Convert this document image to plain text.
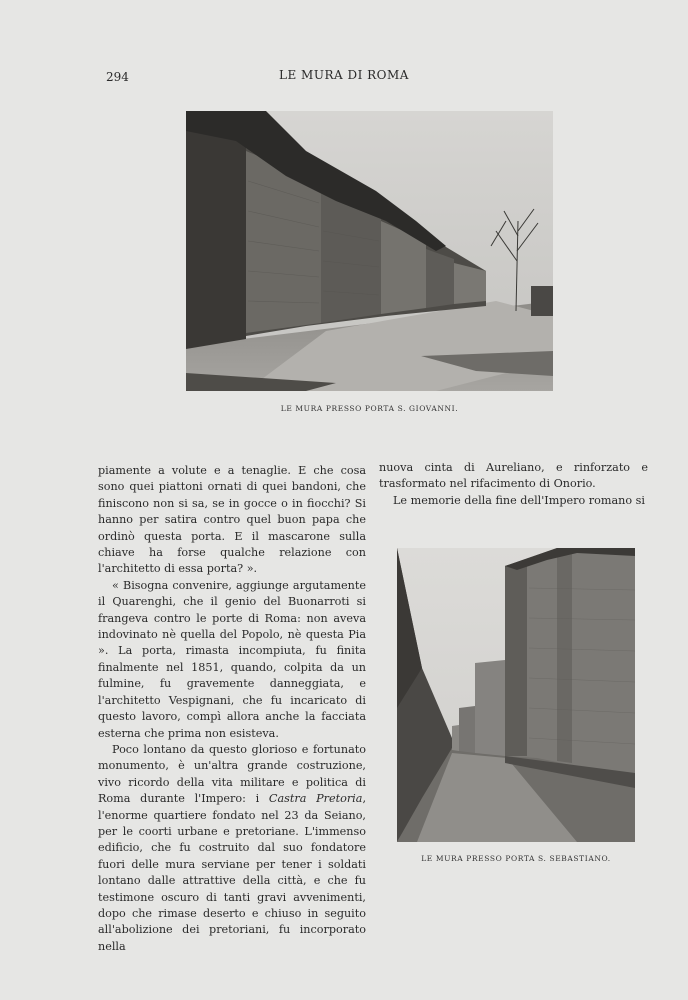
294	LE MURA DI ROMA
LE MURA PRESSO PORTA S. GIOVANNI.

piamente a volute e a tenaglie. E che cosa sono quei piattoni ornati di quei bandoni, che finiscono non si sa, se in gocce o in fiocchi? Si hanno per satira contro quel buon papa che ordinò questa porta. E il mascarone sulla chiave ha forse qualche relazione con l'architetto di essa porta? ».

« Bisogna convenire, aggiunge argutamente il Quarenghi, che il genio del Buonarroti si frangeva contro le porte di Roma: non aveva indovinato nè quella del Popolo, nè questa Pia ». La porta, rimasta incompiuta, fu finita finalmente nel 1851, quando, colpita da un fulmine, fu gravemente danneggiata, e l'architetto Vespignani, che fu incaricato di questo lavoro, compì allora anche la facciata esterna che prima non esisteva.

Poco lontano da questo glorioso e fortunato monumento, è un'altra grande costruzione, vivo ricordo della vita militare e politica di Roma durante l'Impero: i Castra Pretoria, l'enorme quartiere fondato nel 23 da Seiano, per le coorti urbane e pretoriane. L'immenso edificio, che fu costruito dal suo fondatore fuori delle mura serviane per tener i soldati lontano dalle attrattive della città, e che fu testimone oscuro di tanti gravi avvenimenti, dopo che rimase deserto e chiuso in seguito all'abolizione dei pretoriani, fu incorporato nella

nuova cinta di Aureliano, e rinforzato e trasformato nel rifacimento di Onorio.

Le memorie della fine dell'Impero romano si

LE MURA PRESSO PORTA S. SEBASTIANO.
